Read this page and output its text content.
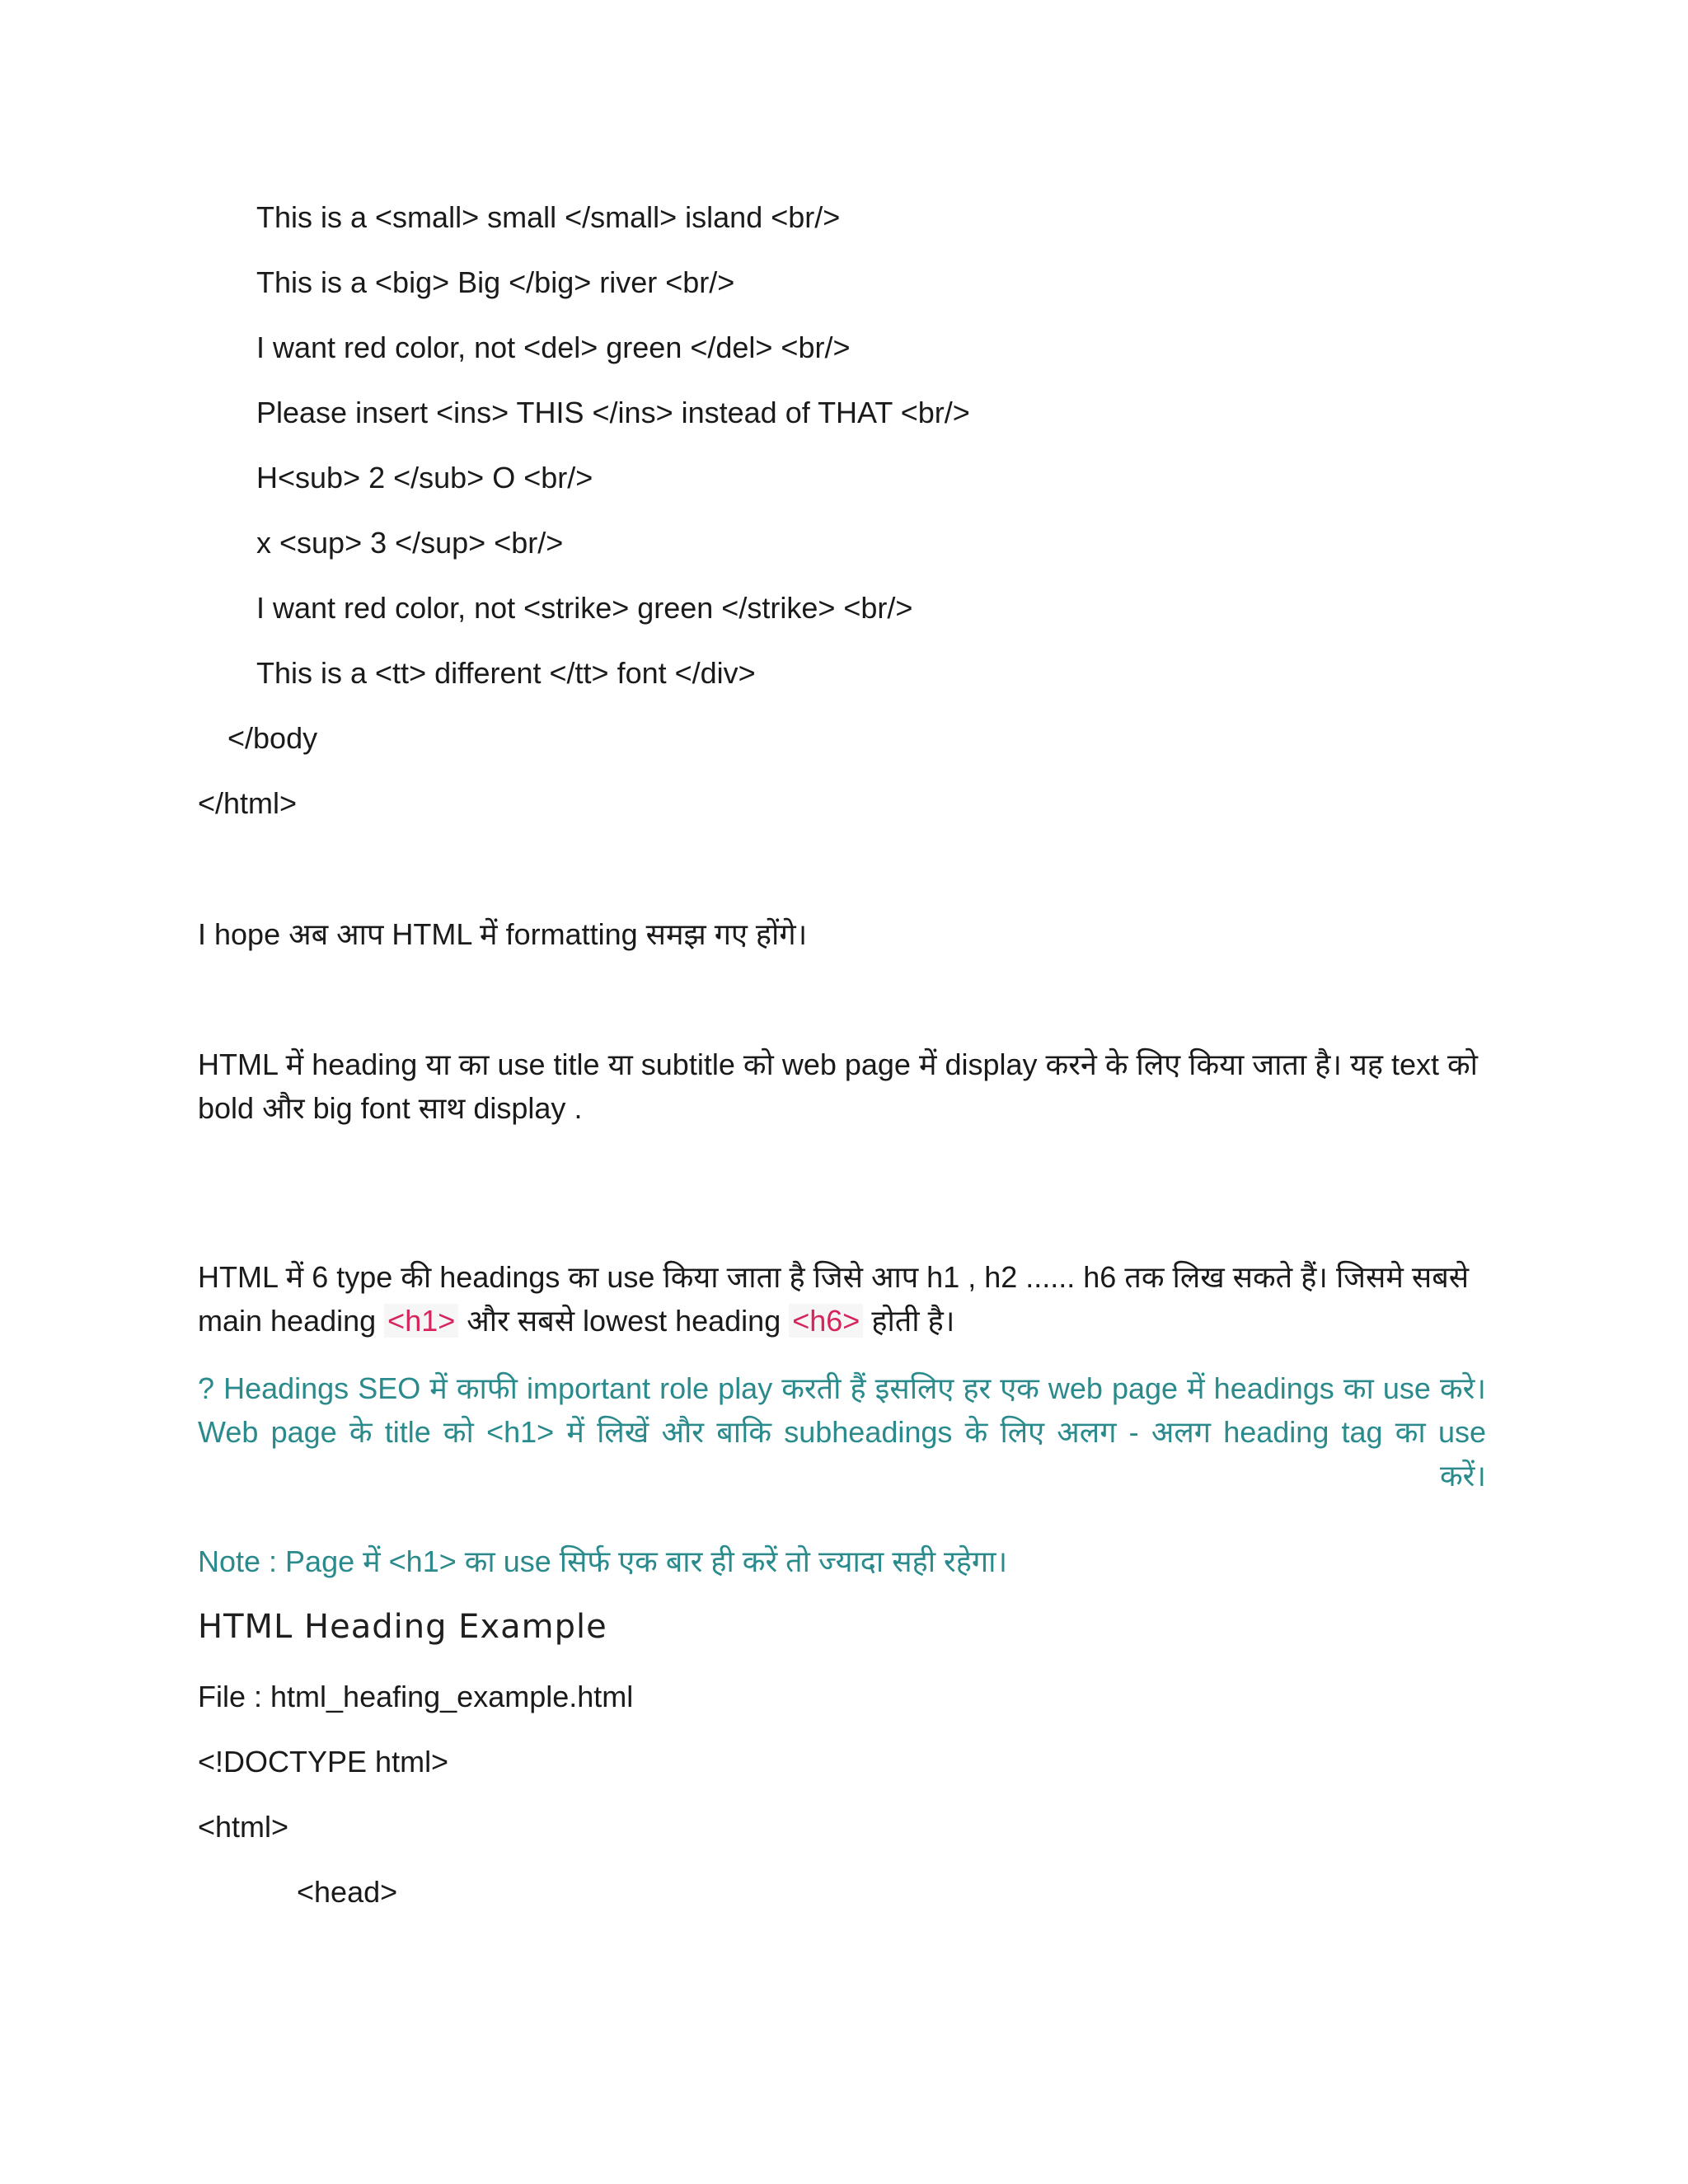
This is a <small> small </small> island <br/>
This is a <big> Big </big> river <br/>
I want red color, not <del> green </del> <br/>
Please insert <ins> THIS </ins> instead of THAT <br/>
H<sub> 2 </sub> O <br/>
x <sup> 3 </sup> <br/>
I want red color, not <strike> green </strike> <br/>
This is a <tt> different </tt> font </div>
</body
</html>
I hope अब आप HTML में formatting समझ गए होंगे।
HTML में heading या का use title या subtitle को web page में display करने के लिए किया जाता है। यह text को bold और big font साथ display .
HTML में 6 type की headings का use किया जाता है जिसे आप h1 , h2 ...... h6 तक लिख सकते हैं। जिसमे सबसे main heading <h1> और सबसे lowest heading <h6> होती है।
? Headings SEO में काफी important role play करती हैं इसलिए हर एक web page में headings का use करे। Web page के title को <h1> में लिखें और बाकि subheadings के लिए अलग - अलग heading tag का use
करें।
Note : Page में <h1> का use सिर्फ एक बार ही करें तो ज्यादा सही रहेगा।
HTML Heading Example
File : html_heafing_example.html
<!DOCTYPE html>
<html>
<head>
